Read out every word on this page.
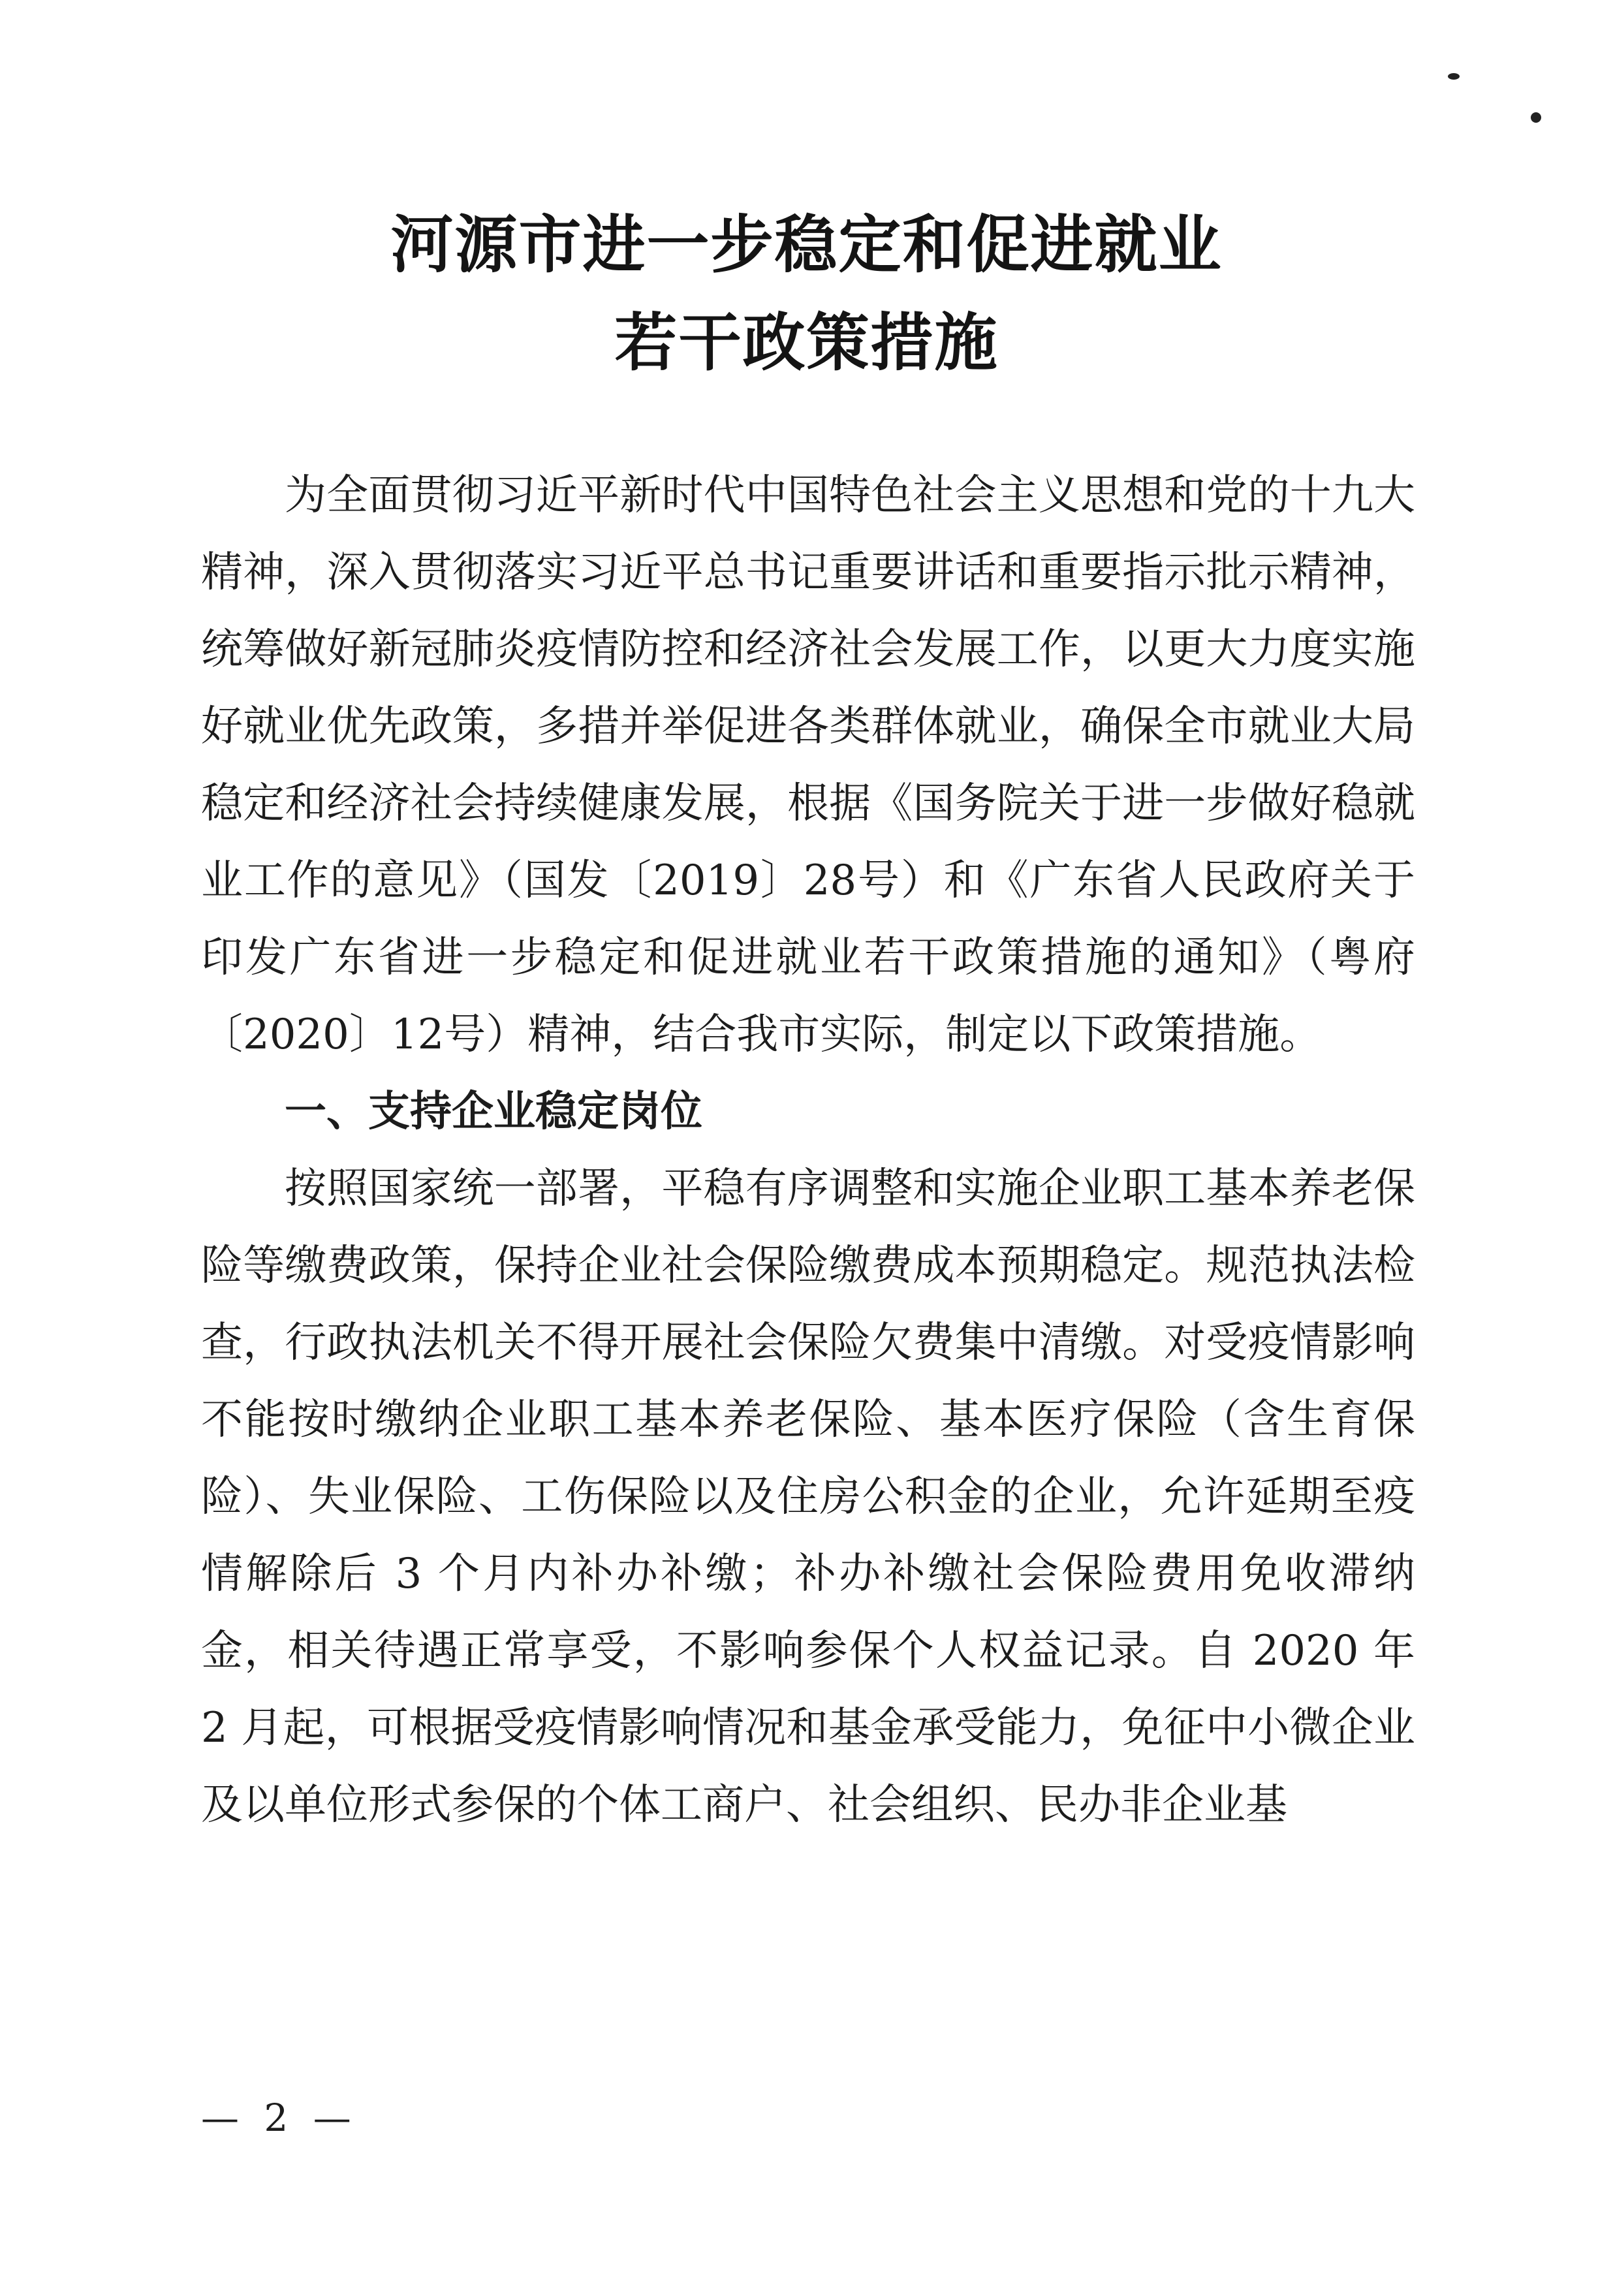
河源市进一步稳定和促进就业
若干政策措施

为全面贯彻习近平新时代中国特色社会主义思想和党的十九大精神，深入贯彻落实习近平总书记重要讲话和重要指示批示精神，统筹做好新冠肺炎疫情防控和经济社会发展工作，以更大力度实施好就业优先政策，多措并举促进各类群体就业，确保全市就业大局稳定和经济社会持续健康发展，根据《国务院关于进一步做好稳就业工作的意见》（国发〔2019〕28号）和《广东省人民政府关于印发广东省进一步稳定和促进就业若干政策措施的通知》（粤府〔2020〕12号）精神，结合我市实际，制定以下政策措施。

一、支持企业稳定岗位

按照国家统一部署，平稳有序调整和实施企业职工基本养老保险等缴费政策，保持企业社会保险缴费成本预期稳定。规范执法检查，行政执法机关不得开展社会保险欠费集中清缴。对受疫情影响不能按时缴纳企业职工基本养老保险、基本医疗保险（含生育保险）、失业保险、工伤保险以及住房公积金的企业，允许延期至疫情解除后 3 个月内补办补缴；补办补缴社会保险费用免收滞纳金，相关待遇正常享受，不影响参保个人权益记录。自 2020 年 2 月起，可根据受疫情影响情况和基金承受能力，免征中小微企业及以单位形式参保的个体工商户、社会组织、民办非企业基

— 2 —
